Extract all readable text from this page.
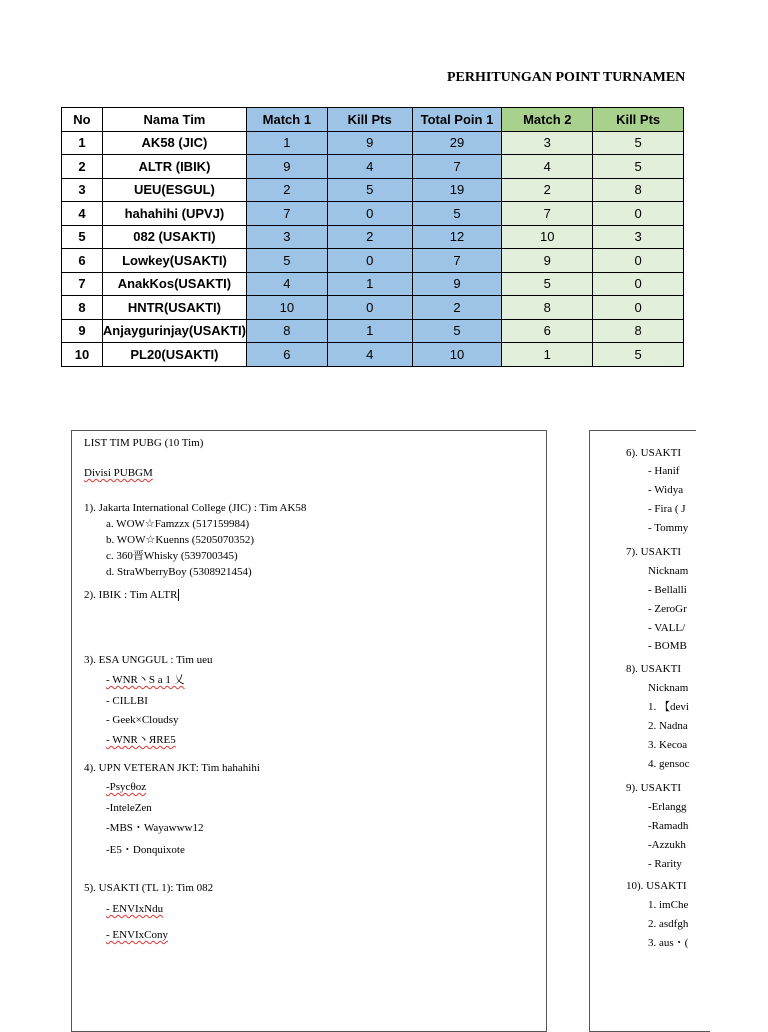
PERHITUNGAN POINT TURNAMEN
No	Nama Tim	Match 1	Kill Pts	Total Poin 1	Match 2	Kill Pts
1	AK58 (JIC)	1	9	29	3	5
2	ALTR (IBIK)	9	4	7	4	5
3	UEU(ESGUL)	2	5	19	2	8
4	hahahihi (UPVJ)	7	0	5	7	0
5	082 (USAKTI)	3	2	12	10	3
6	Lowkey(USAKTI)	5	0	7	9	0
7	AnakKos(USAKTI)	4	1	9	5	0
8	HNTR(USAKTI)	10	0	2	8	0
9	Anjaygurinjay(USAKTI)	8	1	5	6	8
10	PL20(USAKTI)	6	4	10	1	5
LIST TIM PUBG (10 Tim)
Divisi PUBGM
1). Jakarta International College (JIC) : Tim AK58
a. WOW☆Famzzx (517159984)
b. WOW☆Kuenns (5205070352)
c. 360晋Whisky (539700345)
d. StraWberryBoy (5308921454)
2). IBIK : Tim ALTR
3). ESA UNGGUL : Tim ueu
- WNR丶S a 1 乂
- CILLBI
- Geek×Cloudsy
- WNR丶ЯRE5
4). UPN VETERAN JKT: Tim hahahihi
-Psycθoz
-InteleZen
-MBS・Wayawww12
-E5・Donquixote
5). USAKTI (TL 1): Tim 082
- ENVIxNdu
- ENVIxCony
6). USAKTI
- Hanif
- Widya
- Fira ( J
- Tommy
7). USAKTI
Nicknam
- Bellalli
- ZeroGr
- VALL/
- BOMB
8). USAKTI
Nicknam
1. 【devi
2. Nadna
3. Kecoa
4. gensoc
9). USAKTI
-Erlangg
-Ramadh
-Azzukh
- Rarity
10). USAKTI
1. imChe
2. asdfgh
3. aus・(
